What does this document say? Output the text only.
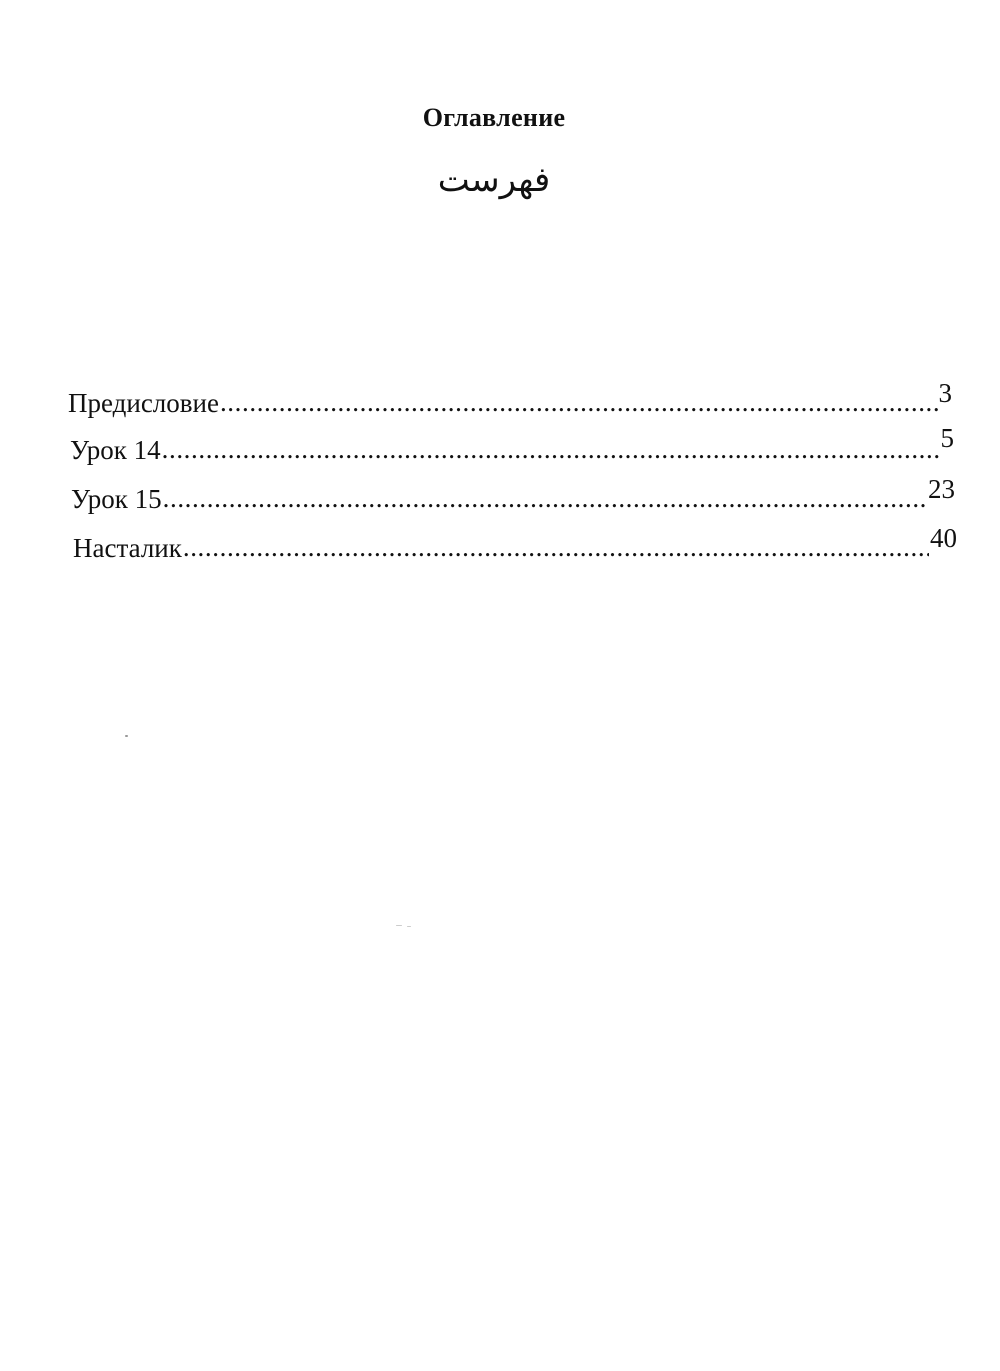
Оглавление
فهرست
Предисловие .....	3
Урок 14 .....	5
Урок 15 .....	23
Насталик .....	40
